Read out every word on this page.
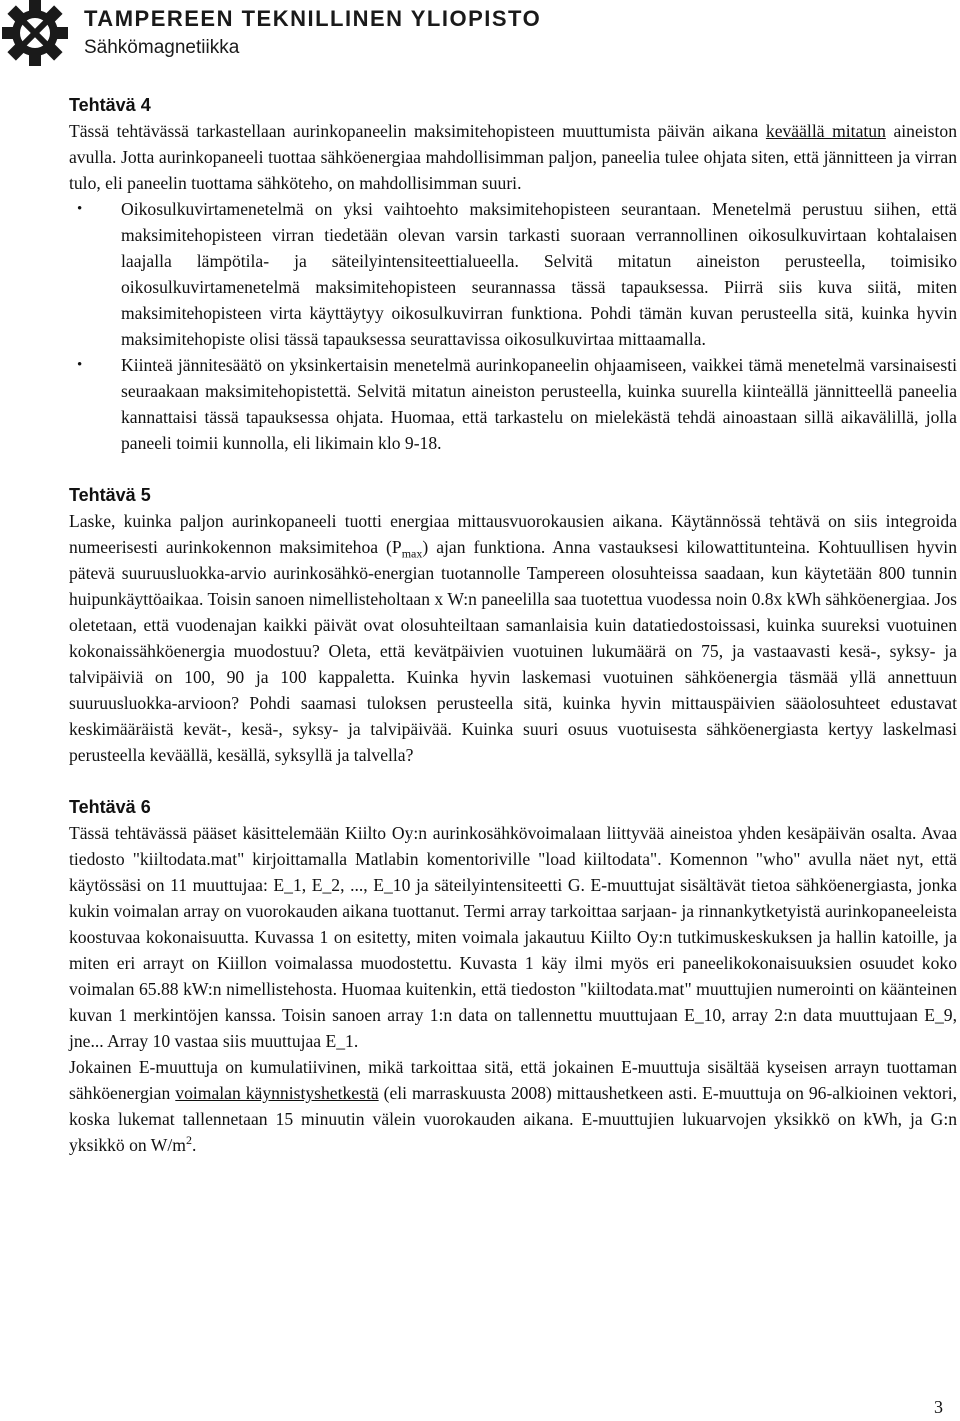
TAMPEREEN TEKNILLINEN YLIOPISTO
Sähkömagnetiikka
Tehtävä 4

Tässä tehtävässä tarkastellaan aurinkopaneelin maksimitehopisteen muuttumista päivän aikana keväällä mitatun aineiston avulla. Jotta aurinkopaneeli tuottaa sähköenergiaa mahdollisimman paljon, paneelia tulee ohjata siten, että jännitteen ja virran tulo, eli paneelin tuottama sähköteho, on mahdollisimman suuri.

• Oikosulkuvirtamenetelmä on yksi vaihtoehto maksimitehopisteen seurantaan. Menetelmä perustuu siihen, että maksimitehopisteen virran tiedetään olevan varsin tarkasti suoraan verrannollinen oikosulkuvirtaan kohtalaisen laajalla lämpötila- ja säteilyintensiteettialueella. Selvitä mitatun aineiston perusteella, toimisiko oikosulkuvirtamenetelmä maksimitehopisteen seurannassa tässä tapauksessa. Piirrä siis kuva siitä, miten maksimitehopisteen virta käyttäytyy oikosulkuvirran funktiona. Pohdi tämän kuvan perusteella sitä, kuinka hyvin maksimitehopiste olisi tässä tapauksessa seurattavissa oikosulkuvirtaa mittaamalla.
• Kiinteä jännitesäätö on yksinkertaisin menetelmä aurinkopaneelin ohjaamiseen, vaikkei tämä menetelmä varsinaisesti seuraakaan maksimitehopistettä. Selvitä mitatun aineiston perusteella, kuinka suurella kiinteällä jännitteellä paneelia kannattaisi tässä tapauksessa ohjata. Huomaa, että tarkastelu on mielekästä tehdä ainoastaan sillä aikavälillä, jolla paneeli toimii kunnolla, eli likimain klo 9-18.
Tehtävä 5

Laske, kuinka paljon aurinkopaneeli tuotti energiaa mittausvuorokausien aikana. Käytännössä tehtävä on siis integroida numeerisesti aurinkokennon maksimitehoa $(P_{max})$ ajan funktiona. Anna vastauksesi kilowattitunteina. Kohtuullisen hyvin pätevä suuruusluokka-arvio aurinkosähkö-energian tuotannolle Tampereen olosuhteissa saadaan, kun käytetään 800 tunnin huipunkäyttöaikaa. Toisin sanoen nimellisteholtaan x W:n paneelilla saa tuotettua vuodessa noin 0.8x kWh sähköenergiaa. Jos oletetaan, että vuodenajan kaikki päivät ovat olosuhteiltaan samanlaisia kuin datatiedostoissasi, kuinka suureksi vuotuinen kokonaissähköenergia muodostuu? Oleta, että kevätpäivien vuotuinen lukumäärä on 75, ja vastaavasti kesä-, syksy- ja talvipäiviä on 100, 90 ja 100 kappaletta. Kuinka hyvin laskemasi vuotuinen sähköenergia täsmää yllä annettuun suuruusluokka-arvioon? Pohdi saamasi tuloksen perusteella sitä, kuinka hyvin mittauspäivien sääolosuhteet edustavat keskimääräistä kevät-, kesä-, syksy- ja talvipäivää. Kuinka suuri osuus vuotuisesta sähköenergiasta kertyy laskelmasi perusteella keväällä, kesällä, syksyllä ja talvella?

Tehtävä 6

Tässä tehtävässä pääset käsittelemään Kiilto Oy:n aurinkosähkövoimalaan liittyvää aineistoa yhden kesäpäivän osalta. Avaa tiedosto "kiiltodata.mat" kirjoittamalla Matlabin komentoriville "load kiiltodata". Komennon "who" avulla näet nyt, että käytössäsi on 11 muuttujaa: E_1, E_2, ..., E_10 ja säteilyintensiteetti G. E-muuttujat sisältävät tietoa sähköenergiasta, jonka kukin voimalan array on vuorokauden aikana tuottanut. Termi array tarkoittaa sarjaan- ja rinnankytketyistä aurinkopaneeleista koostuvaa kokonaisuutta. Kuvassa 1 on esitetty, miten voimala jakautuu Kiilto Oy:n tutkimuskeskuksen ja hallin katoille, ja miten eri arrayt on Kiillon voimalassa muodostettu. Kuvasta 1 käy ilmi myös eri paneelikokonaisuuksien osuudet koko voimalan 65.88 kW:n nimellistehosta. Huomaa kuitenkin, että tiedoston "kiiltodata.mat" muuttujien numerointi on käänteinen kuvan 1 merkintöjen kanssa. Toisin sanoen array 1:n data on tallennettu muuttujaan E_10, array 2:n data muuttujaan E_9, jne... Array 10 vastaa siis muuttujaa E_1.

Jokainen E-muuttuja on kumulatiivinen, mikä tarkoittaa sitä, että jokainen E-muuttuja sisältää kyseisen arrayn tuottaman sähköenergian voimalan käynnistyshetkestä (eli marraskuusta 2008) mittaushetkeen asti. E-muuttuja on 96-alkioinen vektori, koska lukemat tallennetaan 15 minuutin välein vuorokauden aikana. E-muuttujien lukuarvojen yksikkö on kWh, ja G:n yksikkö on $W/m^2$.

3
